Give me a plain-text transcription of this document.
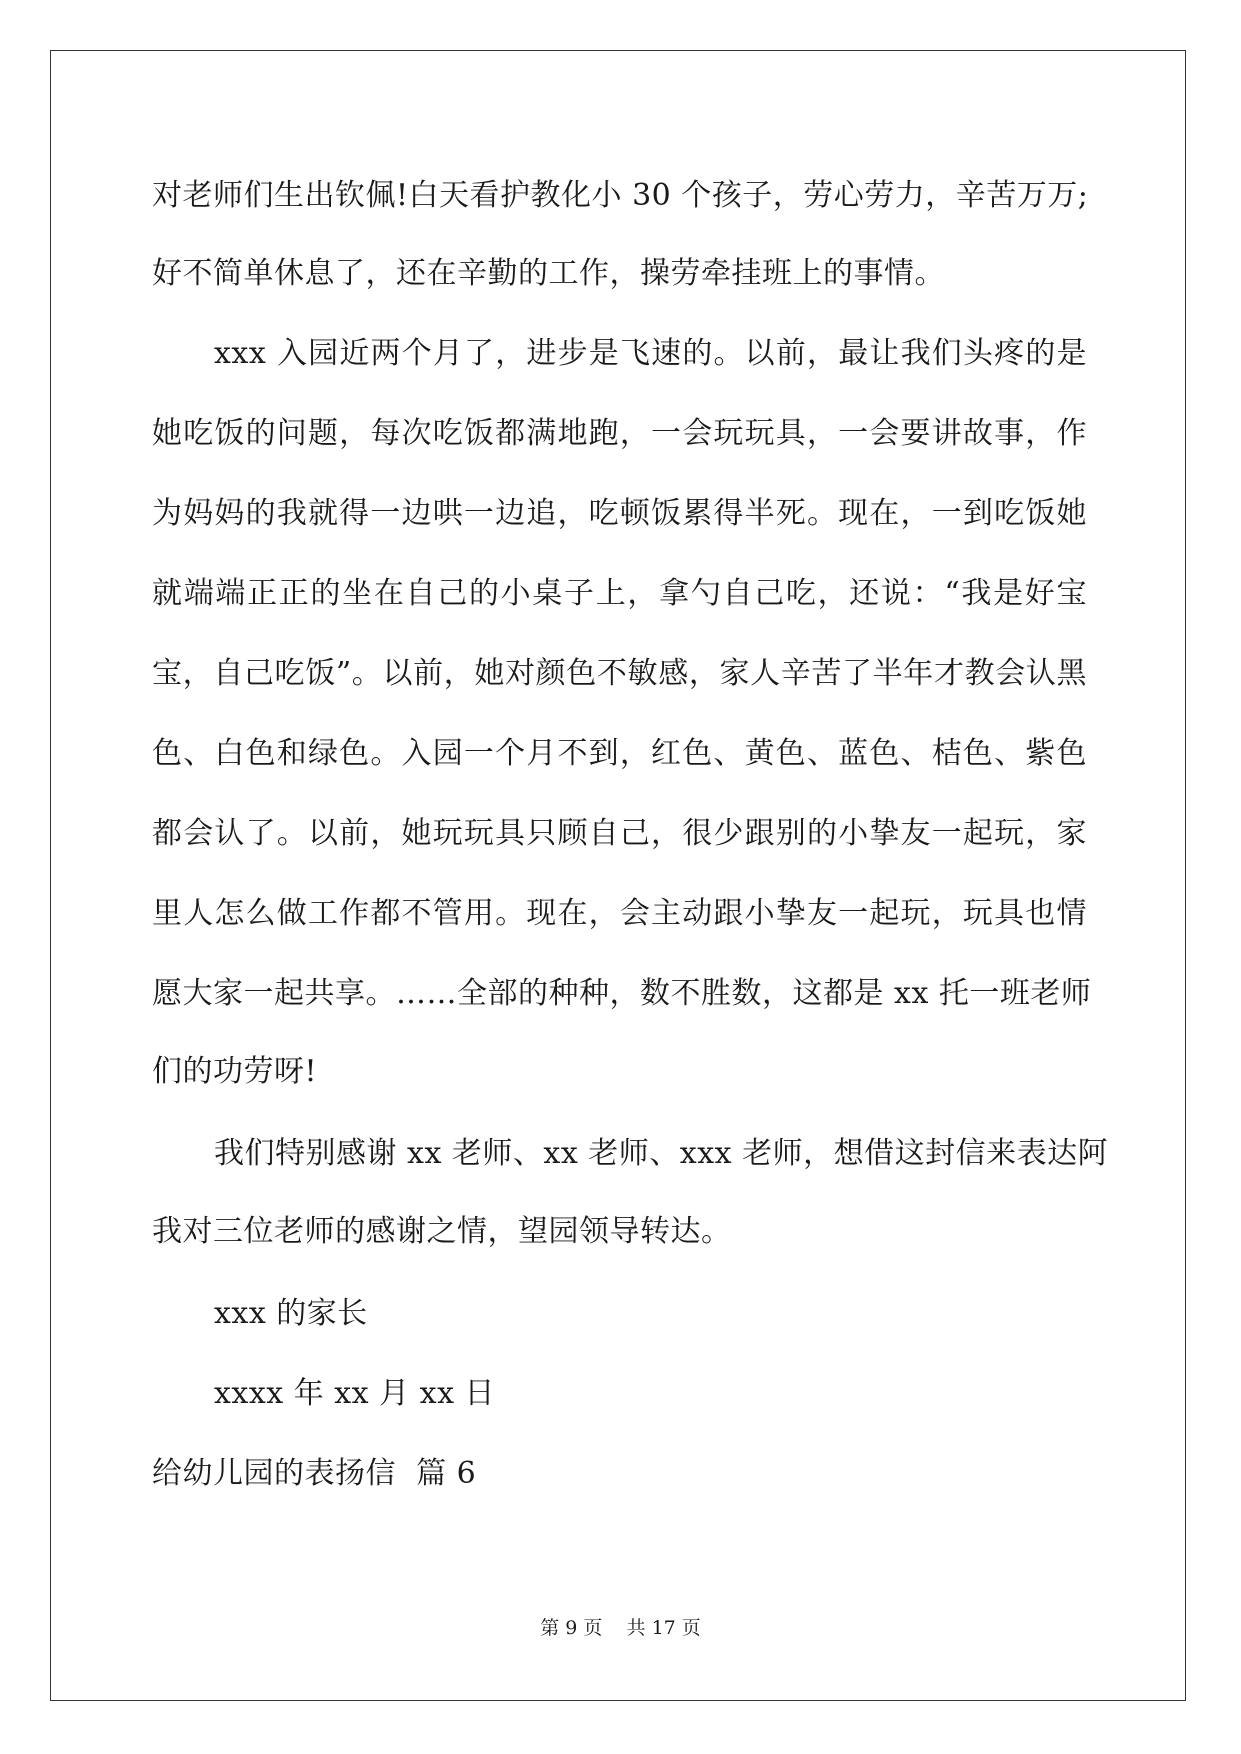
对老师们生出钦佩!白天看护教化小 30 个孩子，劳心劳力，辛苦万万;
好不简单休息了，还在辛勤的工作，操劳牵挂班上的事情。
xxx 入园近两个月了，进步是飞速的。以前，最让我们头疼的是
她吃饭的问题，每次吃饭都满地跑，一会玩玩具，一会要讲故事，作
为妈妈的我就得一边哄一边追，吃顿饭累得半死。现在，一到吃饭她
就端端正正的坐在自己的小桌子上，拿勺自己吃，还说：“我是好宝
宝，自己吃饭”。以前，她对颜色不敏感，家人辛苦了半年才教会认黑
色、白色和绿色。入园一个月不到，红色、黄色、蓝色、桔色、紫色
都会认了。以前，她玩玩具只顾自己，很少跟别的小挚友一起玩，家
里人怎么做工作都不管用。现在，会主动跟小挚友一起玩，玩具也情
愿大家一起共享。……全部的种种，数不胜数，这都是 xx 托一班老师
们的功劳呀!
我们特别感谢 xx 老师、xx 老师、xxx 老师，想借这封信来表达阿
我对三位老师的感谢之情，望园领导转达。
xxx 的家长
xxxx 年 xx 月 xx 日
给幼儿园的表扬信  篇 6
第 9 页    共 17 页
